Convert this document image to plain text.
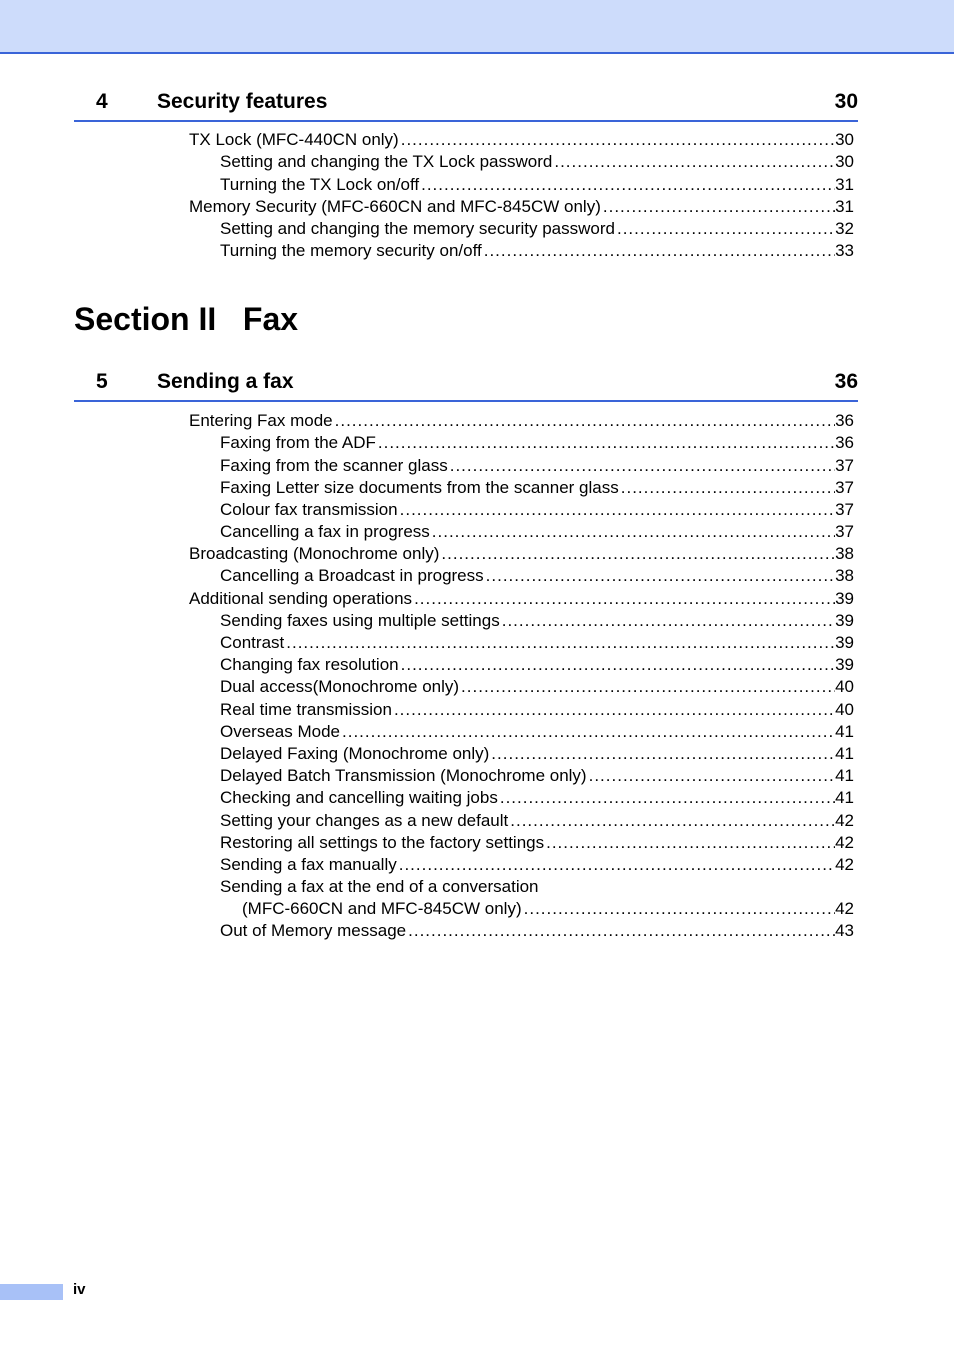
4 Security features	30
TX Lock (MFC-440CN only) .....	30
Setting and changing the TX Lock password .....	30
Turning the TX Lock on/off .....	31
Memory Security (MFC-660CN and MFC-845CW only) .....	31
Setting and changing the memory security password .....	32
Turning the memory security on/off .....	33
Section II   Fax
5 Sending a fax	36
Entering Fax mode .....	36
Faxing from the ADF .....	36
Faxing from the scanner glass .....	37
Faxing Letter size documents from the scanner glass .....	37
Colour fax transmission .....	37
Cancelling a fax in progress .....	37
Broadcasting (Monochrome only) .....	38
Cancelling a Broadcast in progress .....	38
Additional sending operations .....	39
Sending faxes using multiple settings .....	39
Contrast .....	39
Changing fax resolution .....	39
Dual access(Monochrome only) .....	40
Real time transmission .....	40
Overseas Mode .....	41
Delayed Faxing (Monochrome only) .....	41
Delayed Batch Transmission (Monochrome only) .....	41
Checking and cancelling waiting jobs .....	41
Setting your changes as a new default .....	42
Restoring all settings to the factory settings .....	42
Sending a fax manually .....	42
Sending a fax at the end of a conversation
(MFC-660CN and MFC-845CW only) .....	42
Out of Memory message .....	43
iv
